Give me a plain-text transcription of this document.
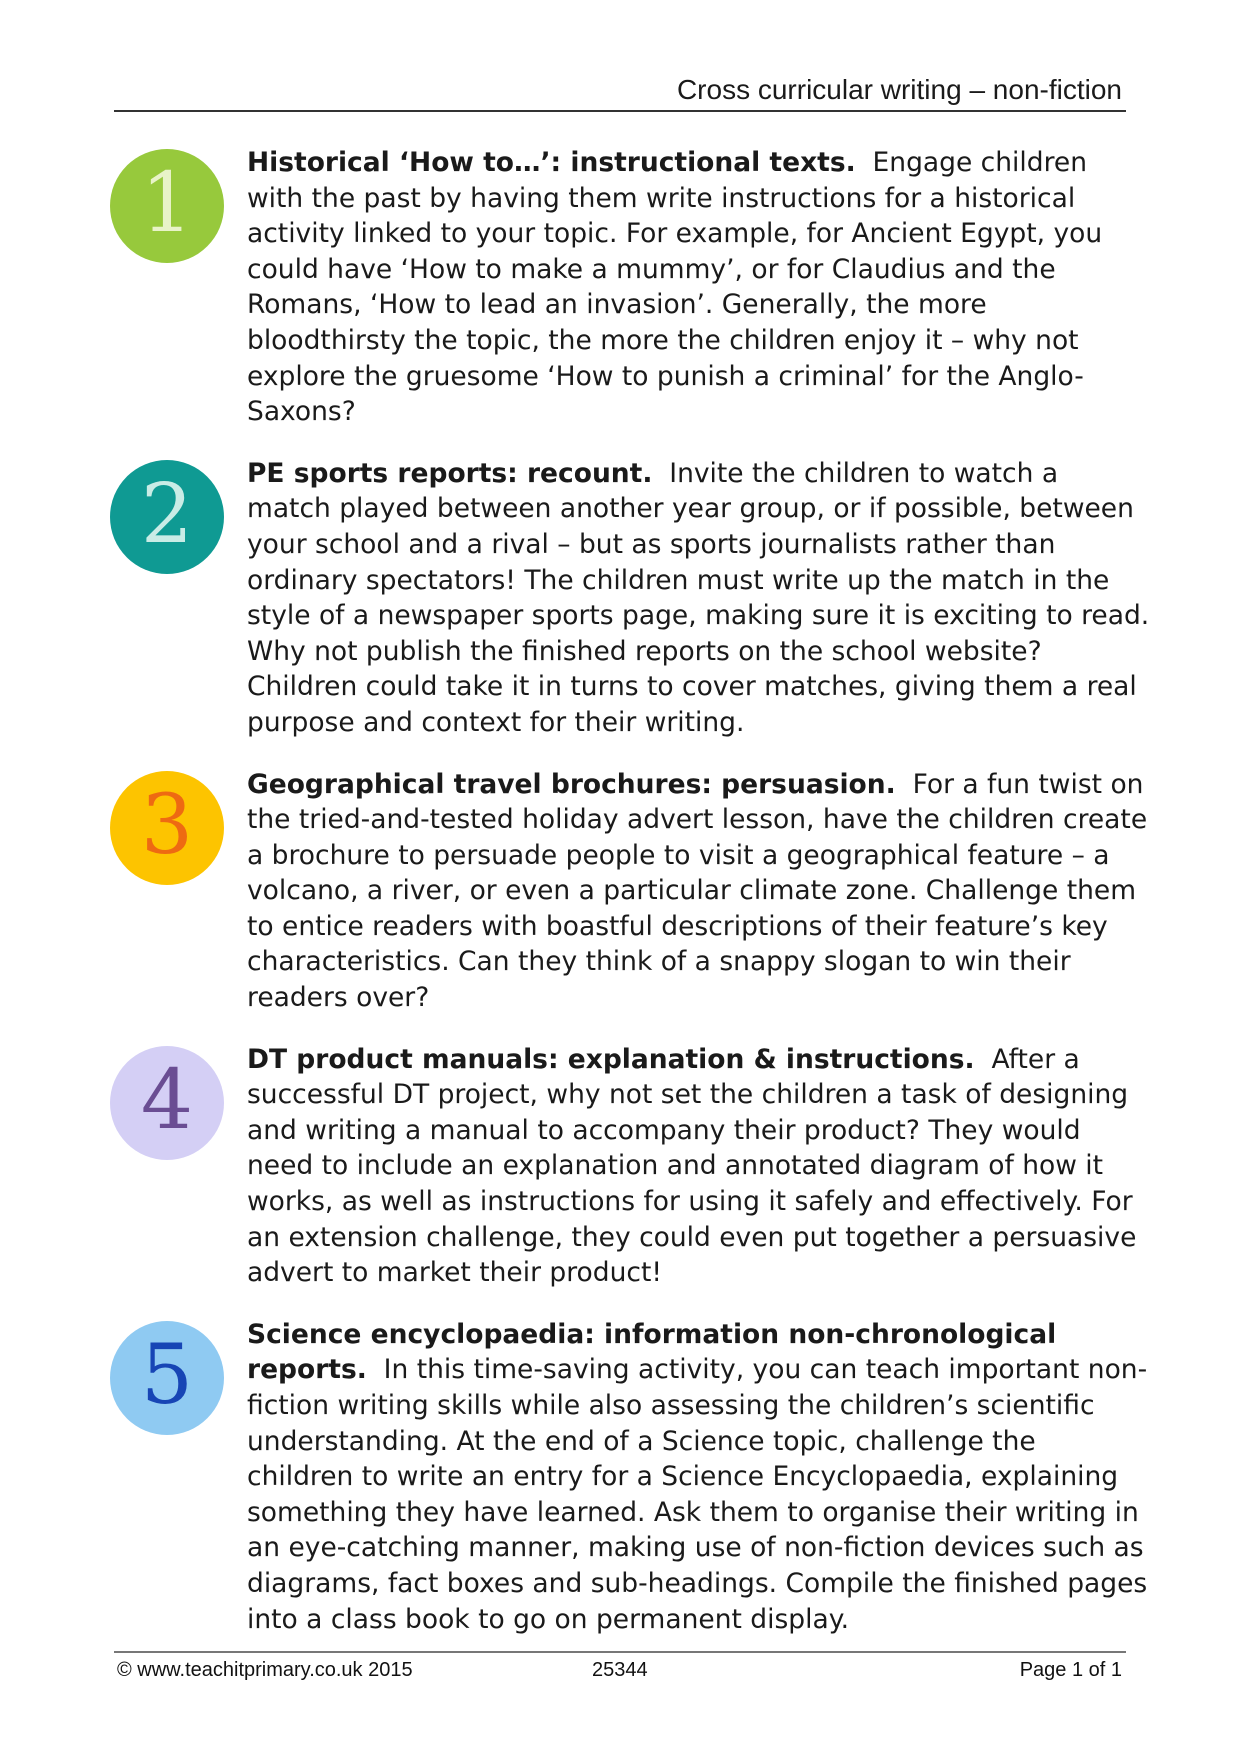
Cross curricular writing – non-fiction
1 Historical ‘How to…’: instructional texts. Engage children with the past by having them write instructions for a historical activity linked to your topic. For example, for Ancient Egypt, you could have ‘How to make a mummy’, or for Claudius and the Romans, ‘How to lead an invasion’. Generally, the more bloodthirsty the topic, the more the children enjoy it – why not explore the gruesome ‘How to punish a criminal’ for the Anglo-Saxons?
2 PE sports reports: recount. Invite the children to watch a match played between another year group, or if possible, between your school and a rival – but as sports journalists rather than ordinary spectators! The children must write up the match in the style of a newspaper sports page, making sure it is exciting to read. Why not publish the finished reports on the school website? Children could take it in turns to cover matches, giving them a real purpose and context for their writing.
3 Geographical travel brochures: persuasion. For a fun twist on the tried-and-tested holiday advert lesson, have the children create a brochure to persuade people to visit a geographical feature – a volcano, a river, or even a particular climate zone. Challenge them to entice readers with boastful descriptions of their feature’s key characteristics. Can they think of a snappy slogan to win their readers over?
4 DT product manuals: explanation & instructions. After a successful DT project, why not set the children a task of designing and writing a manual to accompany their product? They would need to include an explanation and annotated diagram of how it works, as well as instructions for using it safely and effectively. For an extension challenge, they could even put together a persuasive advert to market their product!
5 Science encyclopaedia: information non-chronological reports. In this time-saving activity, you can teach important non-fiction writing skills while also assessing the children’s scientific understanding. At the end of a Science topic, challenge the children to write an entry for a Science Encyclopaedia, explaining something they have learned. Ask them to organise their writing in an eye-catching manner, making use of non-fiction devices such as diagrams, fact boxes and sub-headings. Compile the finished pages into a class book to go on permanent display.
© www.teachitprimary.co.uk 2015	25344	Page 1 of 1
